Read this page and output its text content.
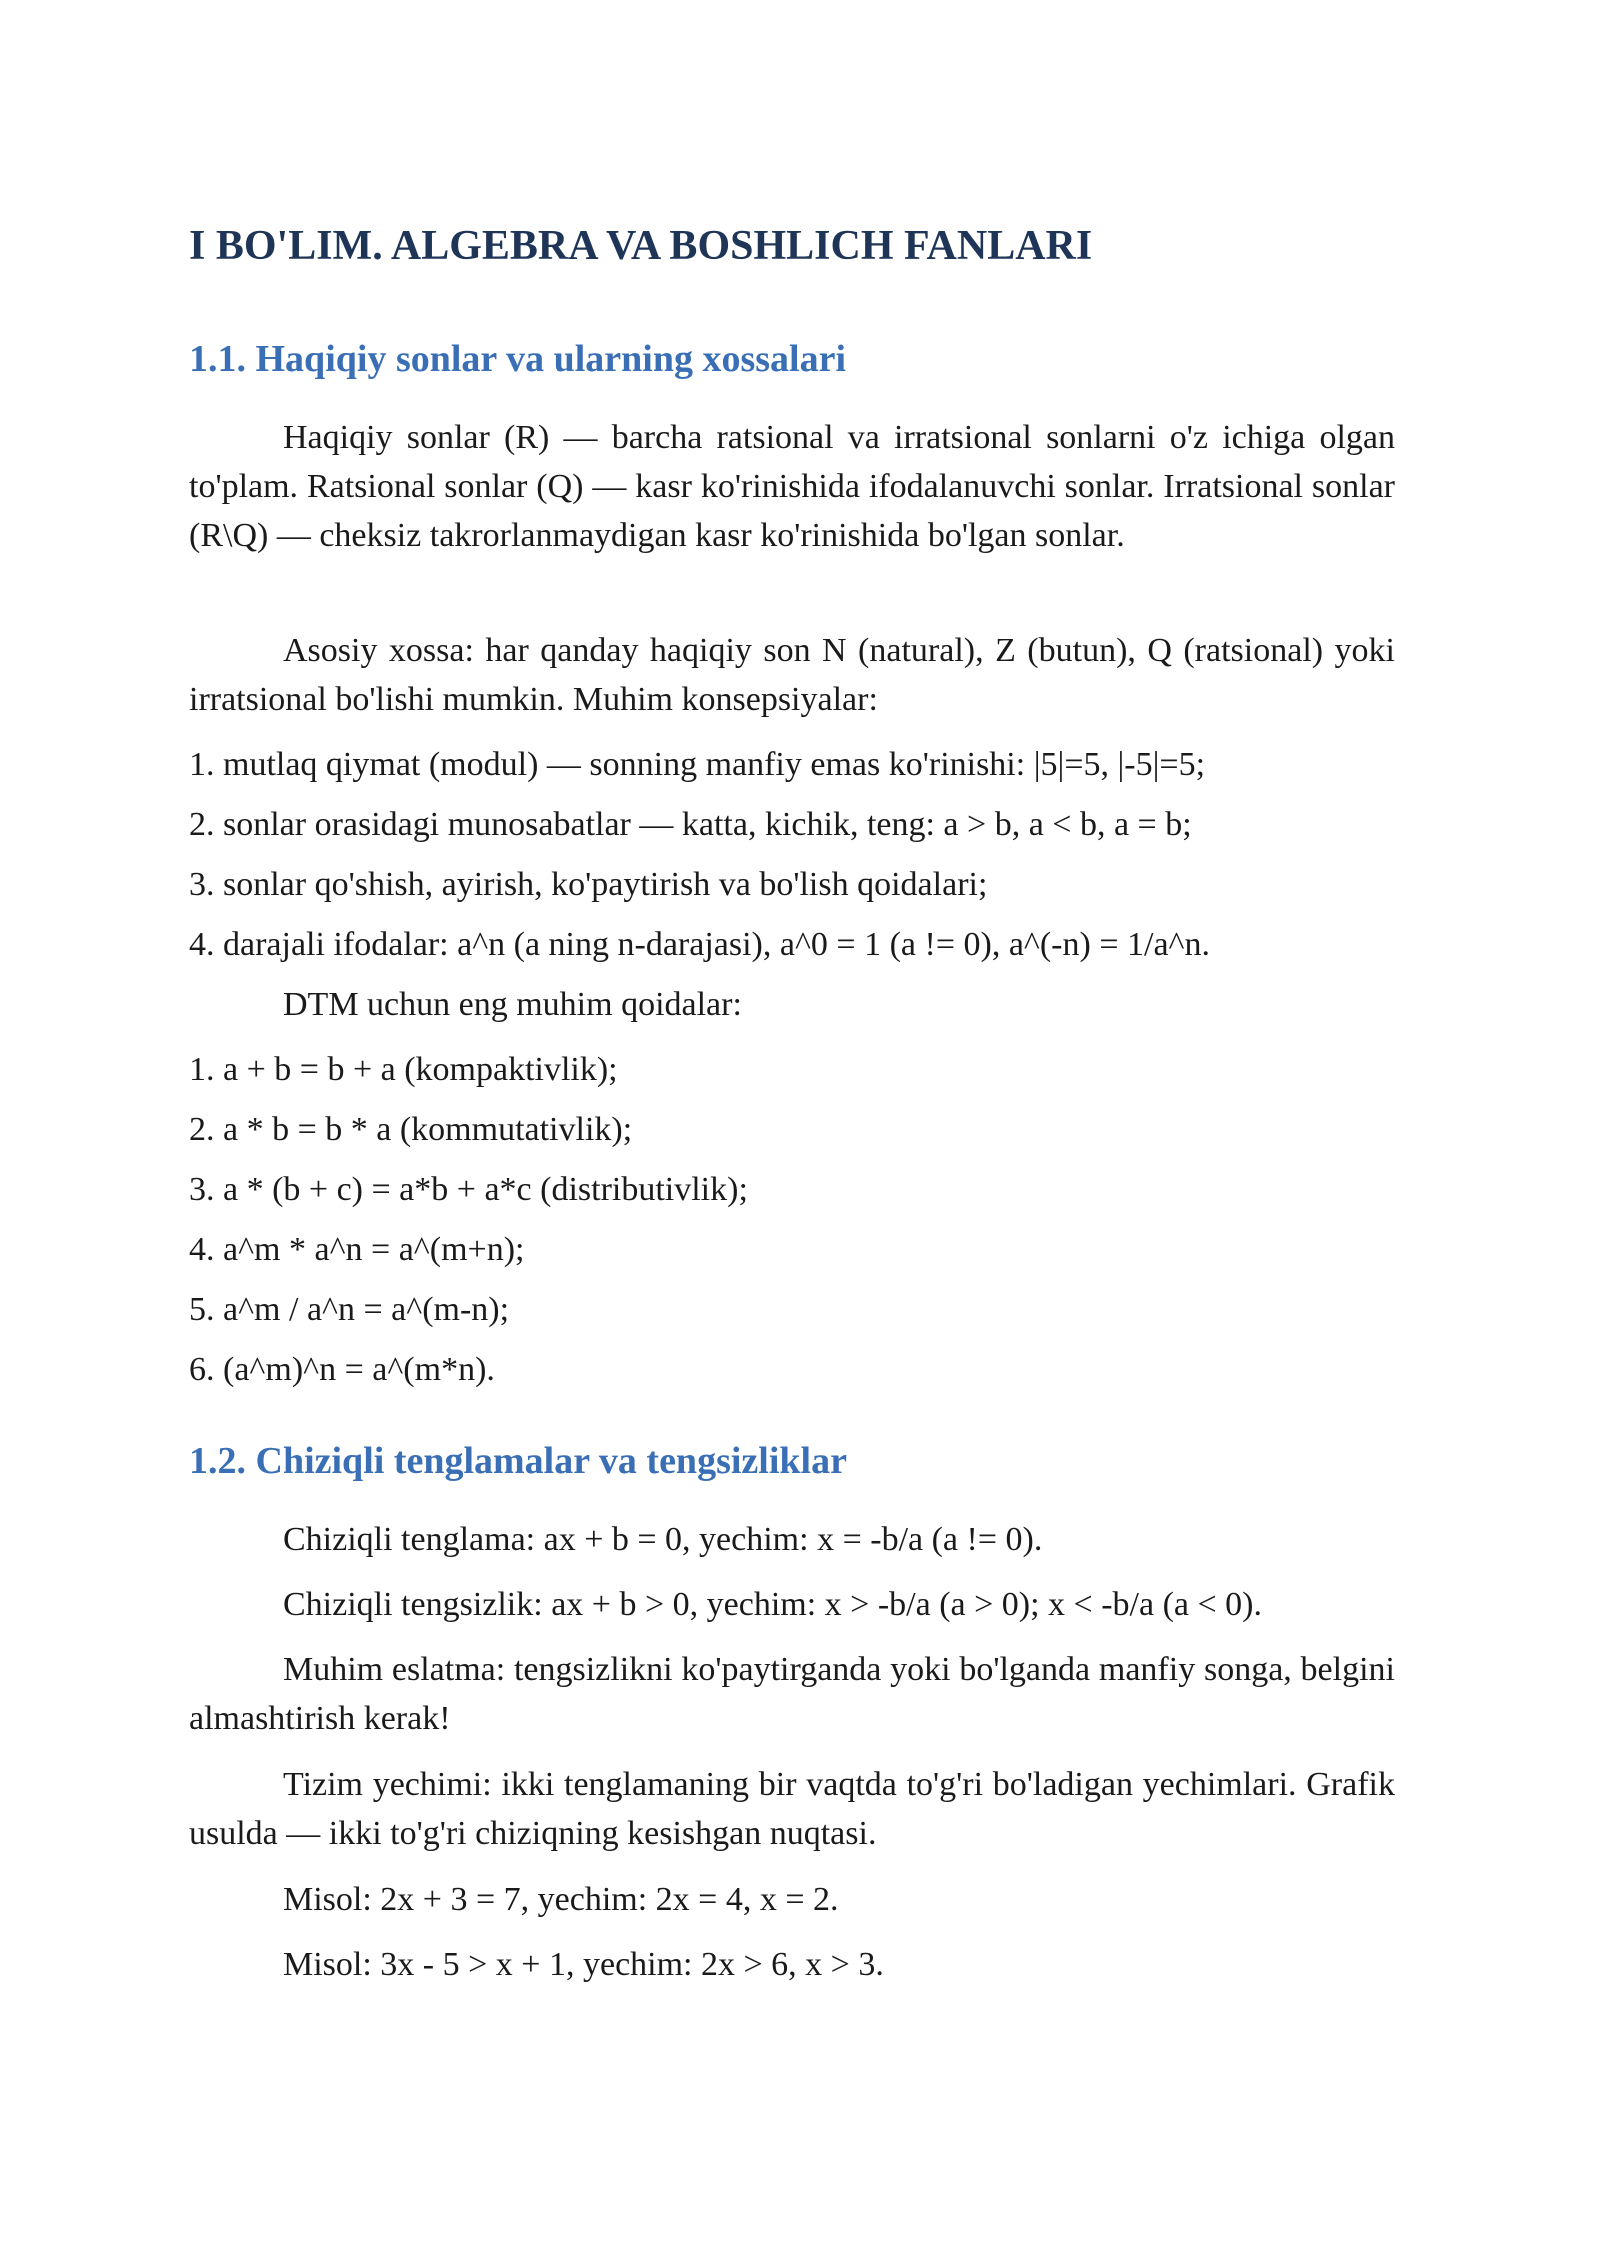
I BO'LIM. ALGEBRA VA BOSHLICH FANLARI
1.1. Haqiqiy sonlar va ularning xossalari

Haqiqiy sonlar (R) — barcha ratsional va irratsional sonlarni o'z ichiga olgan to'plam. Ratsional sonlar (Q) — kasr ko'rinishida ifodalanuvchi sonlar. Irratsional sonlar (R\Q) — cheksiz takrorlanmaydigan kasr ko'rinishida bo'lgan sonlar.

Asosiy xossa: har qanday haqiqiy son N (natural), Z (butun), Q (ratsional) yoki irratsional bo'lishi mumkin. Muhim konsepsiyalar:

1. mutlaq qiymat (modul) — sonning manfiy emas ko'rinishi: |5|=5, |-5|=5;

2. sonlar orasidagi munosabatlar — katta, kichik, teng: a > b, a < b, a = b;

3. sonlar qo'shish, ayirish, ko'paytirish va bo'lish qoidalari;

4. darajali ifodalar: a^n (a ning n-darajasi), a^0 = 1 (a != 0), a^(-n) = 1/a^n.

DTM uchun eng muhim qoidalar:

1. a + b = b + a (kompaktivlik);

2. a * b = b * a (kommutativlik);

3. a * (b + c) = a*b + a*c (distributivlik);

4. a^m * a^n = a^(m+n);

5. a^m / a^n = a^(m-n);

6. (a^m)^n = a^(m*n).

1.2. Chiziqli tenglamalar va tengsizliklar

Chiziqli tenglama: ax + b = 0, yechim: x = -b/a (a != 0).

Chiziqli tengsizlik: ax + b > 0, yechim: x > -b/a (a > 0); x < -b/a (a < 0).

Muhim eslatma: tengsizlikni ko'paytirganda yoki bo'lganda manfiy songa, belgini almashtirish kerak!

Tizim yechimi: ikki tenglamaning bir vaqtda to'g'ri bo'ladigan yechimlari. Grafik usulda — ikki to'g'ri chiziqning kesishgan nuqtasi.

Misol: 2x + 3 = 7, yechim: 2x = 4, x = 2.

Misol: 3x - 5 > x + 1, yechim: 2x > 6, x > 3.
